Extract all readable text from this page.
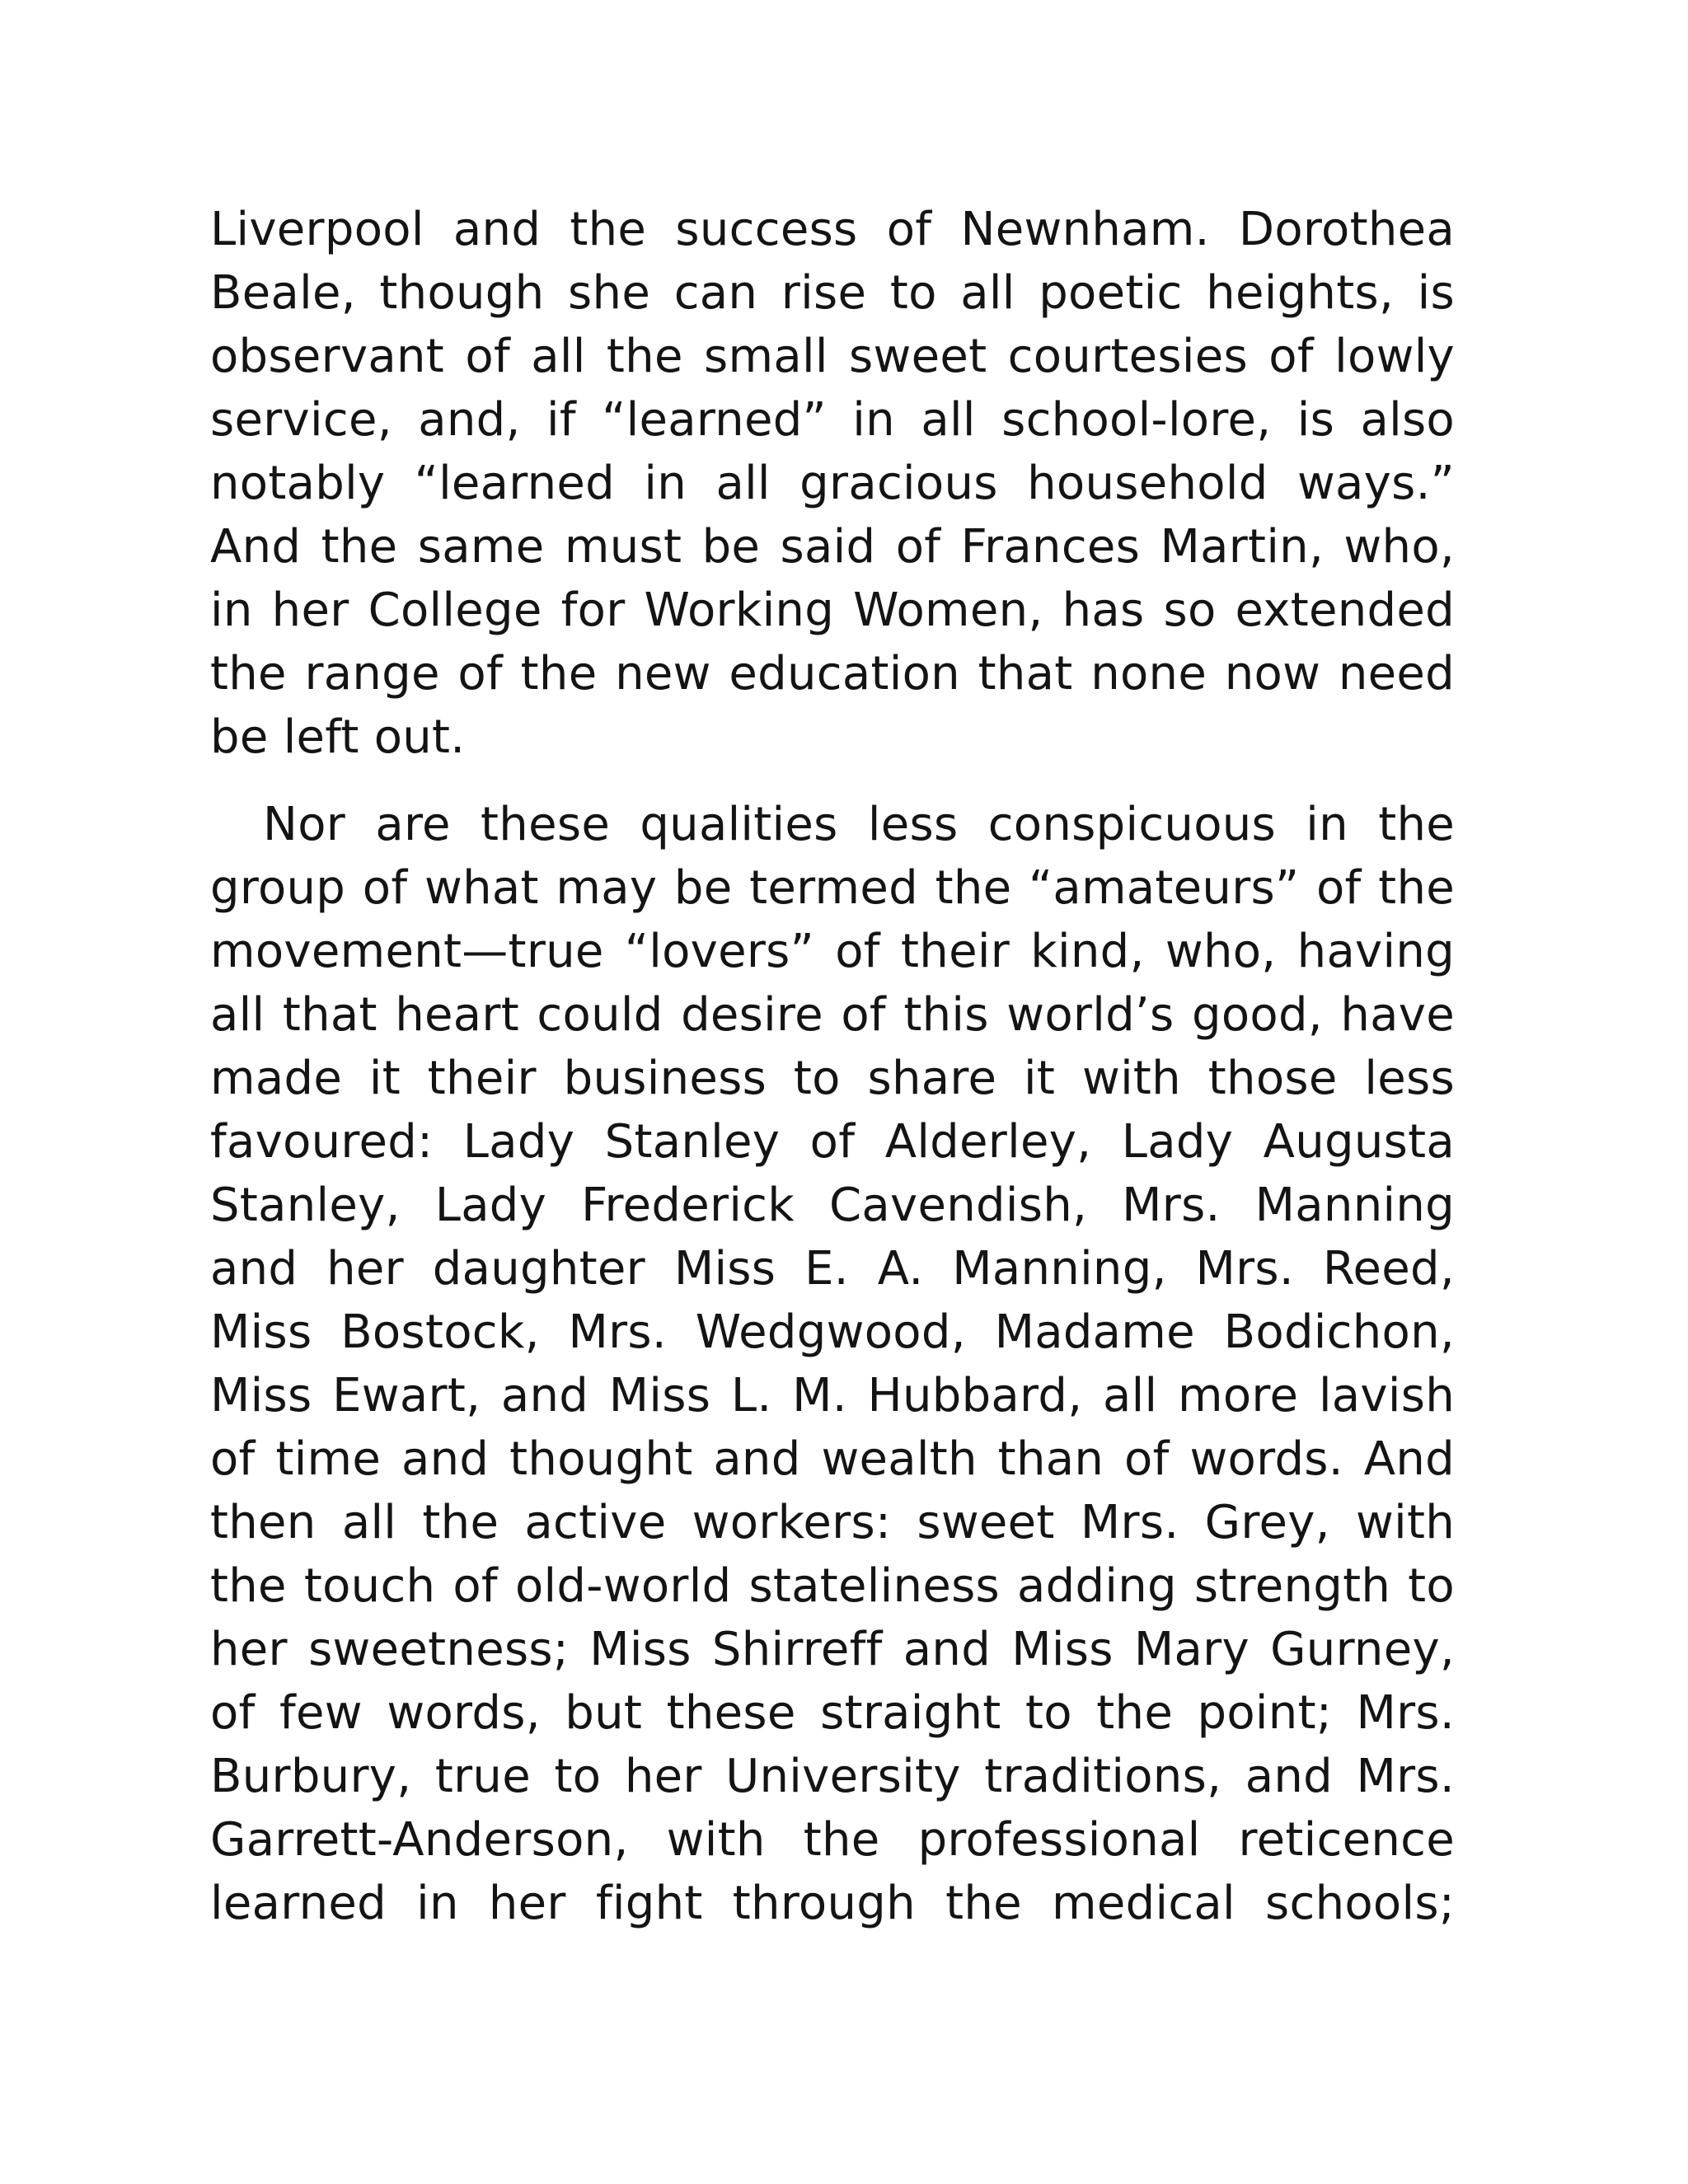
Liverpool and the success of Newnham. Dorothea Beale, though she can rise to all poetic heights, is observant of all the small sweet courtesies of lowly service, and, if “learned” in all school-lore, is also notably “learned in all gracious household ways.” And the same must be said of Frances Martin, who, in her College for Working Women, has so extended the range of the new education that none now need be left out.

Nor are these qualities less conspicuous in the group of what may be termed the “amateurs” of the movement—true “lovers” of their kind, who, having all that heart could desire of this world’s good, have made it their business to share it with those less favoured: Lady Stanley of Alderley, Lady Augusta Stanley, Lady Frederick Cavendish, Mrs. Manning and her daughter Miss E. A. Manning, Mrs. Reed, Miss Bostock, Mrs. Wedgwood, Madame Bodichon, Miss Ewart, and Miss L. M. Hubbard, all more lavish of time and thought and wealth than of words. And then all the active workers: sweet Mrs. Grey, with the touch of old-world stateliness adding strength to her sweetness; Miss Shirreff and Miss Mary Gurney, of few words, but these straight to the point; Mrs. Burbury, true to her University traditions, and Mrs. Garrett-Anderson, with the professional reticence learned in her fight through the medical schools;
